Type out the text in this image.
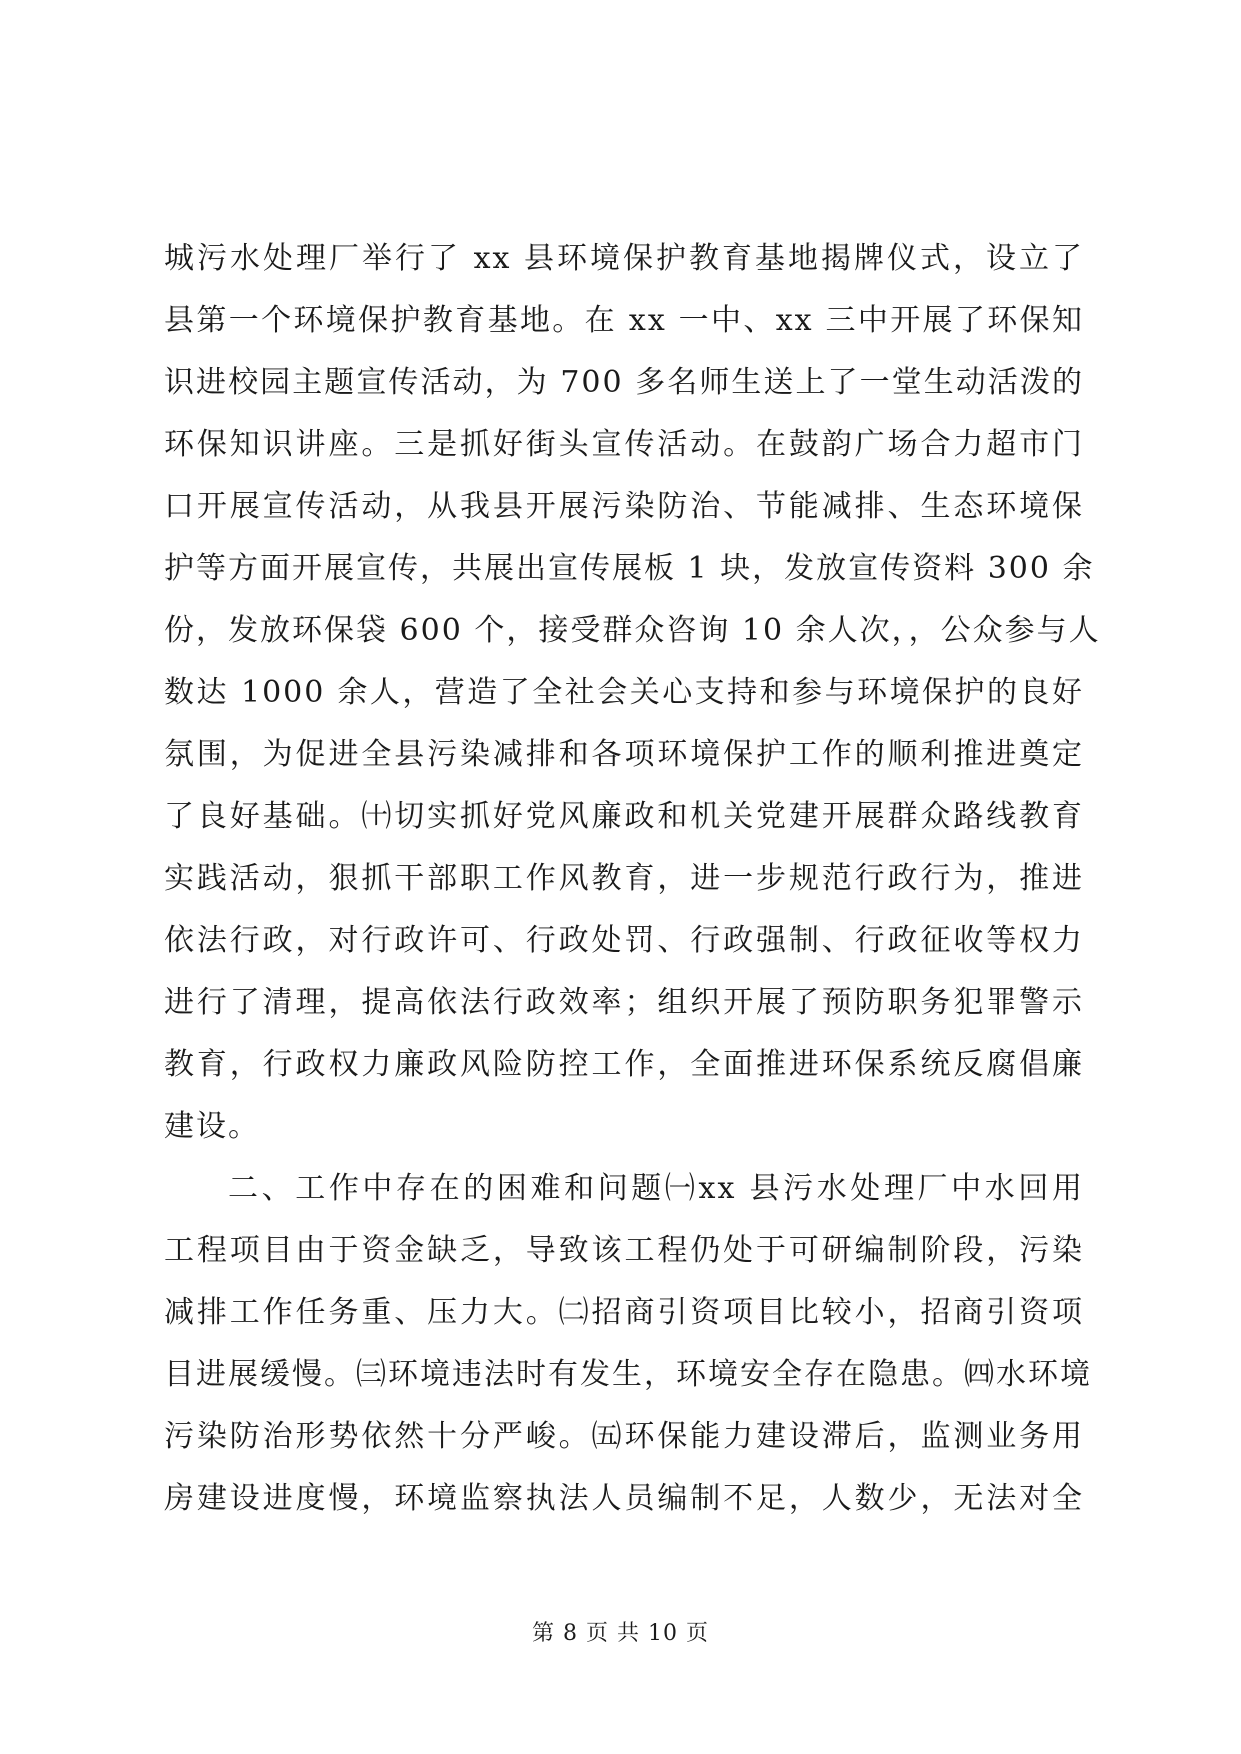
城污水处理厂举行了 xx 县环境保护教育基地揭牌仪式，设立了
县第一个环境保护教育基地。在 xx 一中、xx 三中开展了环保知
识进校园主题宣传活动，为 700 多名师生送上了一堂生动活泼的
环保知识讲座。三是抓好街头宣传活动。在鼓韵广场合力超市门
口开展宣传活动，从我县开展污染防治、节能减排、生态环境保
护等方面开展宣传，共展出宣传展板 1 块，发放宣传资料 300 余
份，发放环保袋 600 个，接受群众咨询 10 余人次，，公众参与人
数达 1000 余人，营造了全社会关心支持和参与环境保护的良好
氛围，为促进全县污染减排和各项环境保护工作的顺利推进奠定
了良好基础。㈩切实抓好党风廉政和机关党建开展群众路线教育
实践活动，狠抓干部职工作风教育，进一步规范行政行为，推进
依法行政，对行政许可、行政处罚、行政强制、行政征收等权力
进行了清理，提高依法行政效率；组织开展了预防职务犯罪警示
教育，行政权力廉政风险防控工作，全面推进环保系统反腐倡廉
建设。
二、工作中存在的困难和问题㈠xx 县污水处理厂中水回用
工程项目由于资金缺乏，导致该工程仍处于可研编制阶段，污染
减排工作任务重、压力大。㈡招商引资项目比较小，招商引资项
目进展缓慢。㈢环境违法时有发生，环境安全存在隐患。㈣水环境
污染防治形势依然十分严峻。㈤环保能力建设滞后，监测业务用
房建设进度慢，环境监察执法人员编制不足，人数少，无法对全
第 8 页 共 10 页
